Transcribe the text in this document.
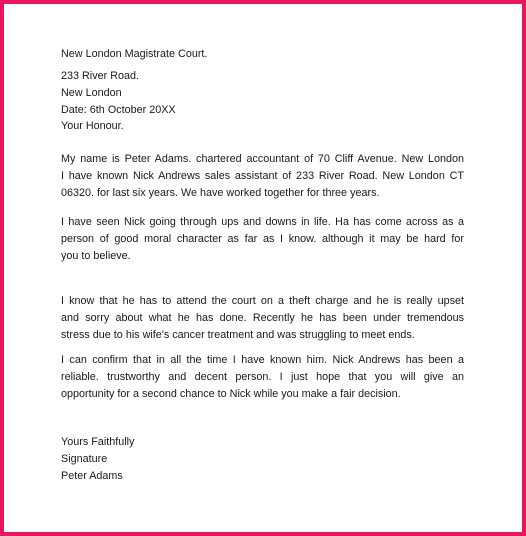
New London Magistrate Court.
233 River Road.
New London
Date: 6th October 20XX
Your Honour.
My name is Peter Adams. chartered accountant of 70 Cliff Avenue. New London
I have known Nick Andrews sales assistant of 233 River Road. New London CT
06320. for last six years. We have worked together for three years.
I have seen Nick going through ups and downs in life. Ha has come across as a
person of good moral character as far as I know. although it may be hard for
you to believe.
I know that he has to attend the court on a theft charge and he is really upset
and sorry about what he has done. Recently he has been under tremendous
stress due to his wife's cancer treatment and was struggling to meet ends.
I can confirm that in all the time I have known him. Nick Andrews has been a
reliable. trustworthy and decent person. I just hope that you will give an
opportunity for a second chance to Nick while you make a fair decision.
Yours Faithfully
Signature
Peter Adams
